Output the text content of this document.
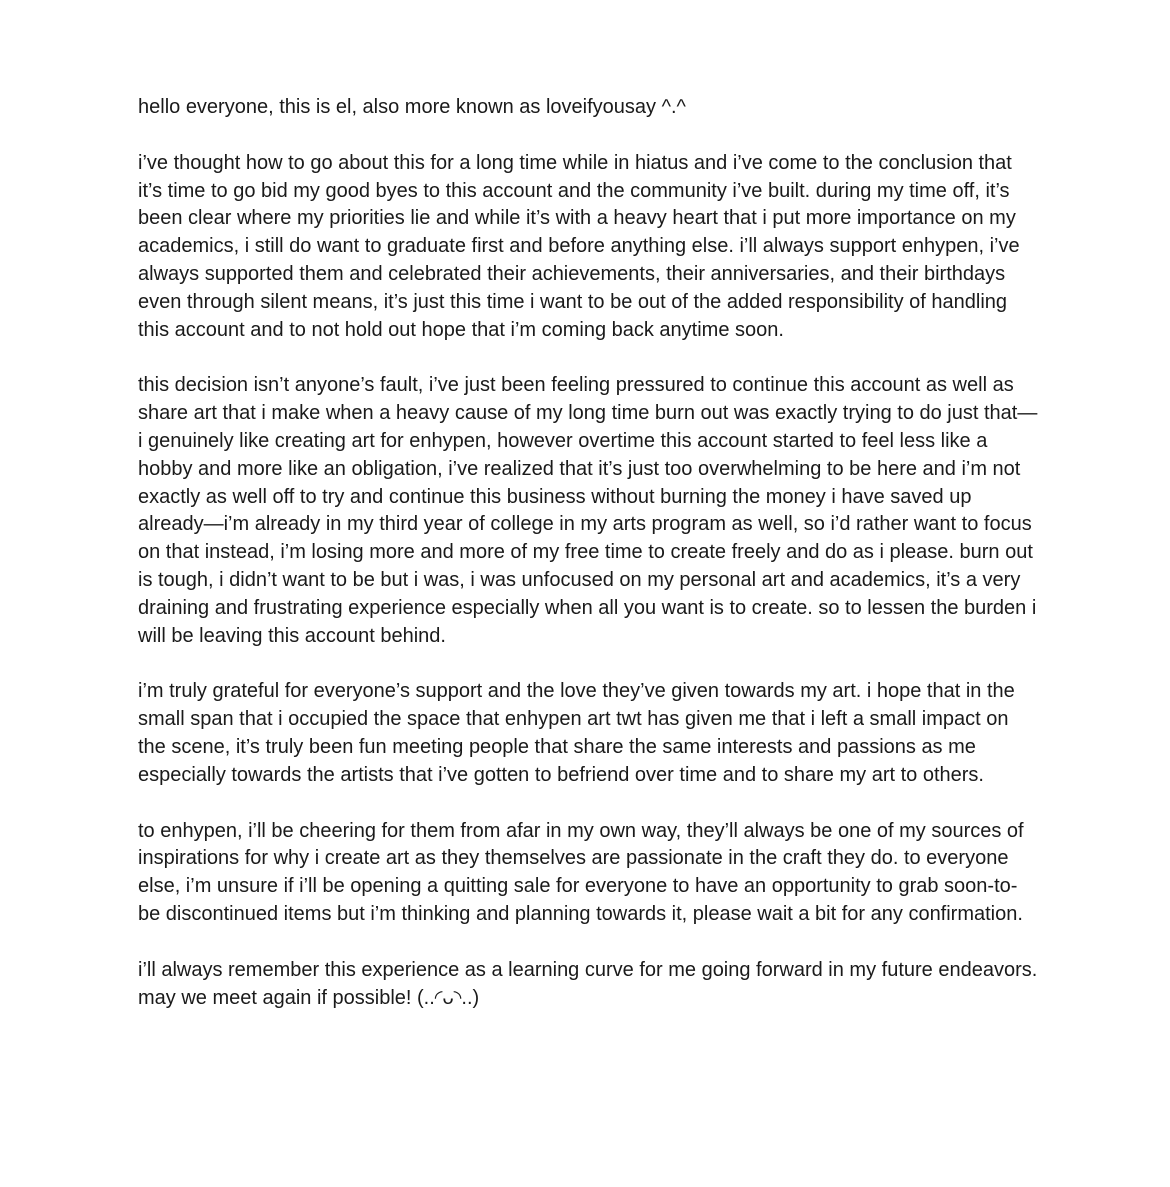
hello everyone, this is el, also more known as loveifyousay ^.^

i’ve thought how to go about this for a long time while in hiatus and i’ve come to the conclusion that it’s time to go bid my good byes to this account and the community i’ve built. during my time off, it’s been clear where my priorities lie and while it’s with a heavy heart that i put more importance on my academics, i still do want to graduate first and before anything else. i’ll always support enhypen, i’ve always supported them and celebrated their achievements, their anniversaries, and their birthdays even through silent means, it’s just this time i want to be out of the added responsibility of handling this account and to not hold out hope that i’m coming back anytime soon.

this decision isn’t anyone’s fault, i’ve just been feeling pressured to continue this account as well as share art that i make when a heavy cause of my long time burn out was exactly trying to do just that—i genuinely like creating art for enhypen, however overtime this account started to feel less like a hobby and more like an obligation, i’ve realized that it’s just too overwhelming to be here and i’m not exactly as well off to try and continue this business without burning the money i have saved up already—i’m already in my third year of college in my arts program as well, so i’d rather want to focus on that instead, i’m losing more and more of my free time to create freely and do as i please. burn out is tough, i didn’t want to be but i was, i was unfocused on my personal art and academics, it’s a very draining and frustrating experience especially when all you want is to create. so to lessen the burden i will be leaving this account behind.

i’m truly grateful for everyone’s support and the love they’ve given towards my art. i hope that in the small span that i occupied the space that enhypen art twt has given me that i left a small impact on the scene, it’s truly been fun meeting people that share the same interests and passions as me especially towards the artists that i’ve gotten to befriend over time and to share my art to others.

to enhypen, i’ll be cheering for them from afar in my own way, they’ll always be one of my sources of inspirations for why i create art as they themselves are passionate in the craft they do. to everyone else, i’m unsure if i’ll be opening a quitting sale for everyone to have an opportunity to grab soon-to-be discontinued items but i’m thinking and planning towards it, please wait a bit for any confirmation.

i’ll always remember this experience as a learning curve for me going forward in my future endeavors. may we meet again if possible! (..◜ᴗ◝..)
